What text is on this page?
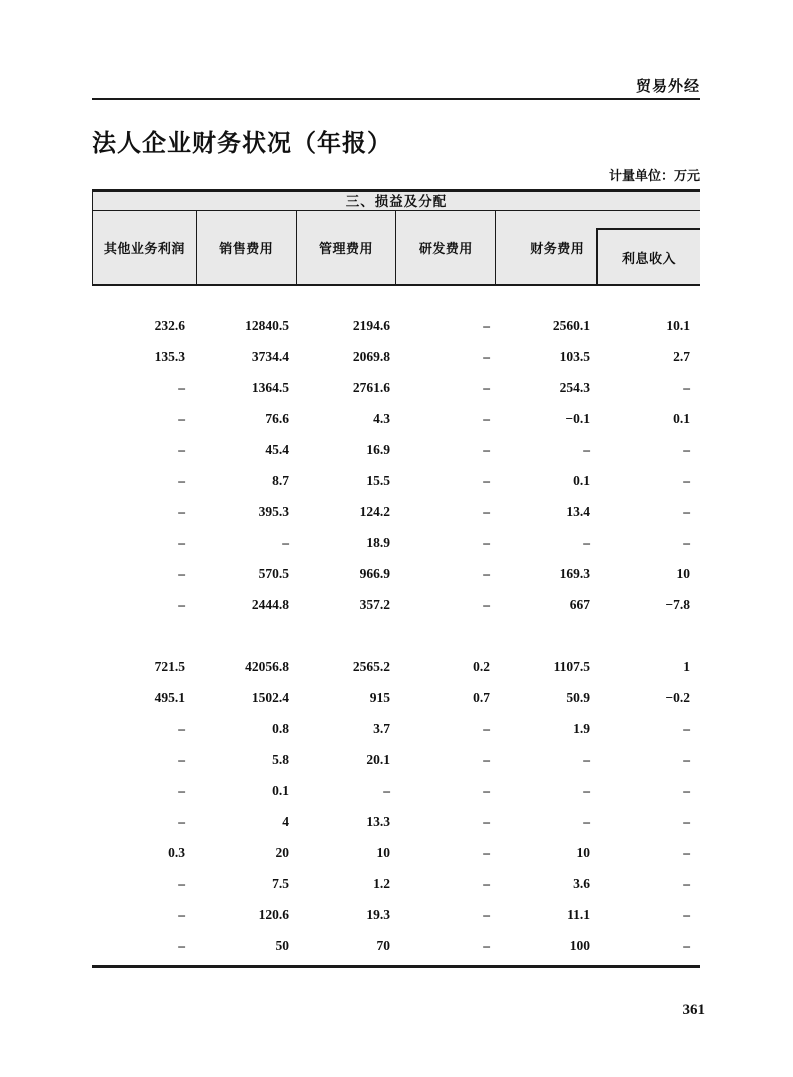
贸易外经
法人企业财务状况（年报）
计量单位：万元
三、损益及分配
其他业务利润	销售费用	管理费用	研发费用	财务费用
利息收入
232.6	12840.5	2194.6	–	2560.1	10.1
135.3	3734.4	2069.8	–	103.5	2.7
–	1364.5	2761.6	–	254.3	–
–	76.6	4.3	–	−0.1	0.1
–	45.4	16.9	–	–	–
–	8.7	15.5	–	0.1	–
–	395.3	124.2	–	13.4	–
–	–	18.9	–	–	–
–	570.5	966.9	–	169.3	10
–	2444.8	357.2	–	667	−7.8
721.5	42056.8	2565.2	0.2	1107.5	1
495.1	1502.4	915	0.7	50.9	−0.2
–	0.8	3.7	–	1.9	–
–	5.8	20.1	–	–	–
–	0.1	–	–	–	–
–	4	13.3	–	–	–
0.3	20	10	–	10	–
–	7.5	1.2	–	3.6	–
–	120.6	19.3	–	11.1	–
–	50	70	–	100	–
361
